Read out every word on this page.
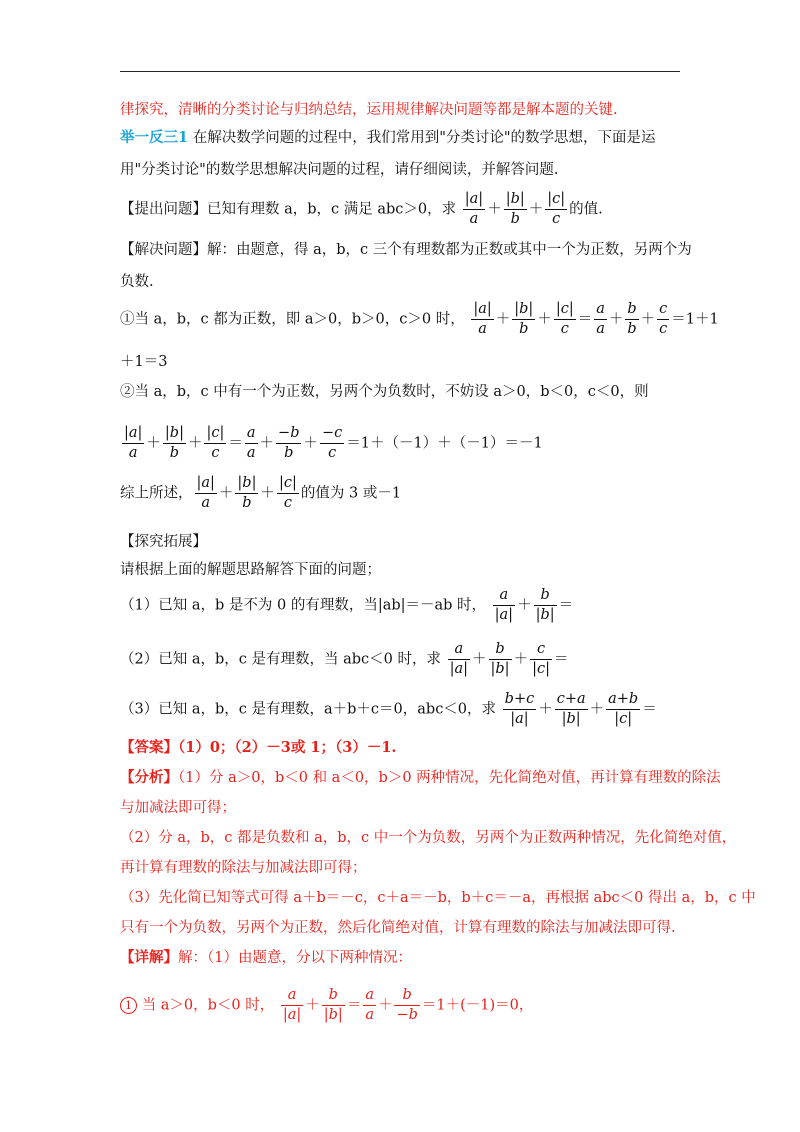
律探究，清晰的分类讨论与归纳总结，运用规律解决问题等都是解本题的关键.
举一反三1 在解决数学问题的过程中，我们常用到"分类讨论"的数学思想，下面是运
用"分类讨论"的数学思想解决问题的过程，请仔细阅读，并解答问题.
【提出问题】已知有理数 a，b，c 满足 abc＞0，求 $\frac{|a|}{a} + \frac{|b|}{b} + \frac{|c|}{c}$ 的值.
【解决问题】解：由题意，得 a，b，c 三个有理数都为正数或其中一个为正数，另两个为
负数.
①当 a，b，c 都为正数，即 a＞0，b＞0，c＞0 时， $\frac{|a|}{a} + \frac{|b|}{b} + \frac{|c|}{c} = \frac{a}{a} + \frac{b}{b} + \frac{c}{c} =1+1$
＋1＝3
②当 a，b，c 中有一个为正数，另两个为负数时，不妨设 a＞0，b＜0，c＜0，则
$\frac{|a|}{a} + \frac{|b|}{b} + \frac{|c|}{c} = \frac{a}{a} + \frac{-b}{b} + \frac{-c}{c} =1+(-1)+(-1)=-1$
综上所述， $\frac{|a|}{a} + \frac{|b|}{b} + \frac{|c|}{c}$ 的值为 3 或－1
【探究拓展】
请根据上面的解题思路解答下面的问题；
（1）已知 a，b 是不为 0 的有理数，当|ab|＝－ab 时， $\frac{a}{|a|} + \frac{b}{|b|}$ ＝
（2）已知 a，b，c 是有理数，当 abc＜0 时，求 $\frac{a}{|a|} + \frac{b}{|b|} + \frac{c}{|c|}$ ＝
（3）已知 a，b，c 是有理数，a＋b＋c＝0，abc＜0，求 $\frac{b+c}{|a|} + \frac{c+a}{|b|} + \frac{a+b}{|c|}$ ＝
【答案】（1）0；（2）－3或 1；（3）－1.
【分析】（1）分 a＞0，b＜0 和 a＜0，b＞0 两种情况，先化简绝对值，再计算有理数的除法
与加减法即可得；
（2）分 a，b，c 都是负数和 a，b，c 中一个为负数，另两个为正数两种情况，先化简绝对值，
再计算有理数的除法与加减法即可得；
（3）先化简已知等式可得 a＋b＝－c，c＋a＝－b，b＋c＝－a，再根据 abc＜0 得出 a，b，c 中
只有一个为负数，另两个为正数，然后化简绝对值，计算有理数的除法与加减法即可得.
【详解】解：（1）由题意，分以下两种情况：
1 当 a＞0，b＜0 时， $\frac{a}{|a|} + \frac{b}{|b|} = \frac{a}{a} + \frac{b}{-b} =1+(-1)=0$，
